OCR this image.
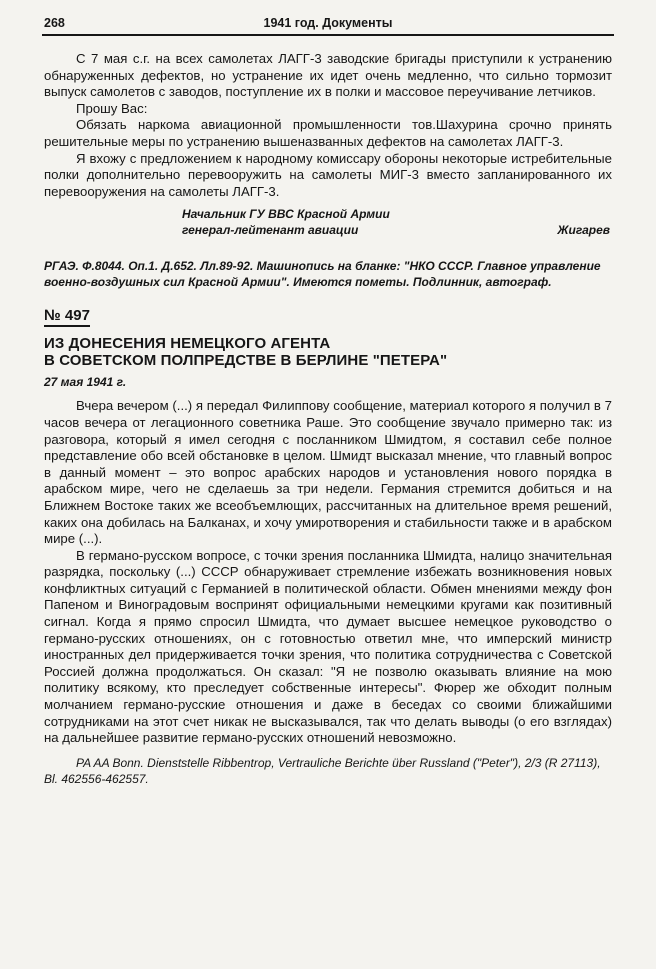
268	1941 год. Документы

С 7 мая с.г. на всех самолетах ЛАГГ-3 заводские бригады приступили к устранению обнаруженных дефектов, но устранение их идет очень медленно, что сильно тормозит выпуск самолетов с заводов, поступление их в полки и массовое переучивание летчиков.

Прошу Вас:

Обязать наркома авиационной промышленности тов.Шахурина срочно принять решительные меры по устранению вышеназванных дефектов на самолетах ЛАГГ-3.

Я вхожу с предложением к народному комиссару обороны некоторые истребительные полки дополнительно перевооружить на самолеты МИГ-3 вместо запланированного их перевооружения на самолеты ЛАГГ-3.

Начальник ГУ ВВС Красной Армии
генерал-лейтенант авиации	Жигарев

РГАЭ. Ф.8044. Оп.1. Д.652. Лл.89-92. Машинопись на бланке: "НКО СССР. Главное управление военно-воздушных сил Красной Армии". Имеются пометы. Подлинник, автограф.

№ 497
ИЗ ДОНЕСЕНИЯ НЕМЕЦКОГО АГЕНТА
В СОВЕТСКОМ ПОЛПРЕДСТВЕ В БЕРЛИНЕ "ПЕТЕРА"
27 мая 1941 г.

Вчера вечером (...) я передал Филиппову сообщение, материал которого я получил в 7 часов вечера от легационного советника Раше. Это сообщение звучало примерно так: из разговора, который я имел сегодня с посланником Шмидтом, я составил себе полное представление обо всей обстановке в целом. Шмидт высказал мнение, что главный вопрос в данный момент – это вопрос арабских народов и установления нового порядка в арабском мире, чего не сделаешь за три недели. Германия стремится добиться и на Ближнем Востоке таких же всеобъемлющих, рассчитанных на длительное время решений, каких она добилась на Балканах, и хочу умиротворения и стабильности также и в арабском мире (...).

В германо-русском вопросе, с точки зрения посланника Шмидта, налицо значительная разрядка, поскольку (...) СССР обнаруживает стремление избежать возникновения новых конфликтных ситуаций с Германией в политической области. Обмен мнениями между фон Папеном и Виноградовым воспринят официальными немецкими кругами как позитивный сигнал. Когда я прямо спросил Шмидта, что думает высшее немецкое руководство о германо-русских отношениях, он с готовностью ответил мне, что имперский министр иностранных дел придерживается точки зрения, что политика сотрудничества с Советской Россией должна продолжаться. Он сказал: "Я не позволю оказывать влияние на мою политику всякому, кто преследует собственные интересы". Фюрер же обходит полным молчанием германо-русские отношения и даже в беседах со своими ближайшими сотрудниками на этот счет никак не высказывался, так что делать выводы (о его взглядах) на дальнейшее развитие германо-русских отношений невозможно.

PA AA Bonn. Dienststelle Ribbentrop, Vertrauliche Berichte über Russland ("Peter"), 2/3 (R 27113), Bl. 462556-462557.
